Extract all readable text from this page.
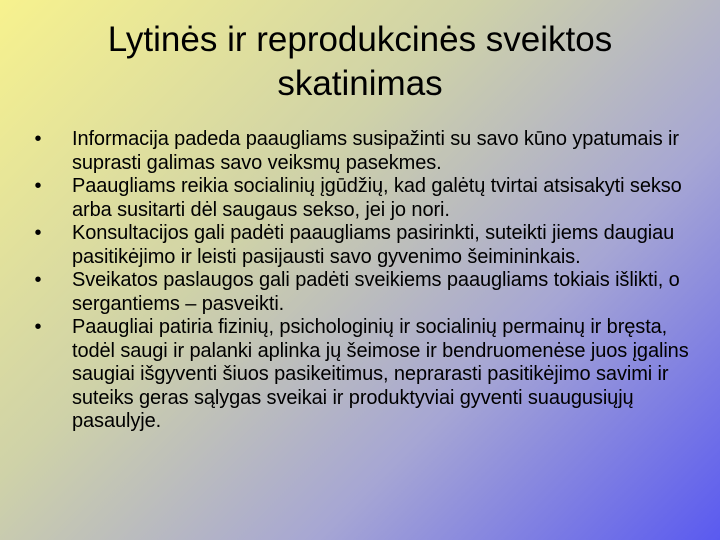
Lytinės ir reprodukcinės sveiktos
skatinimas
• Informacija padeda paaugliams susipažinti su savo kūno ypatumais ir suprasti galimas savo veiksmų pasekmes.
• Paaugliams reikia socialinių įgūdžių, kad galėtų tvirtai atsisakyti sekso arba susitarti dėl saugaus sekso, jei jo nori.
• Konsultacijos gali padėti paaugliams pasirinkti, suteikti jiems daugiau pasitikėjimo ir leisti pasijausti savo gyvenimo šeimininkais.
• Sveikatos paslaugos gali padėti sveikiems paaugliams tokiais išlikti, o sergantiems – pasveikti.
• Paaugliai patiria fizinių, psichologinių ir socialinių permainų ir bręsta, todėl saugi ir palanki aplinka jų šeimose ir bendruomenėse juos įgalins saugiai išgyventi šiuos pasikeitimus, neprarasti pasitikėjimo savimi ir suteiks geras sąlygas sveikai ir produktyviai gyventi suaugusiųjų pasaulyje.
